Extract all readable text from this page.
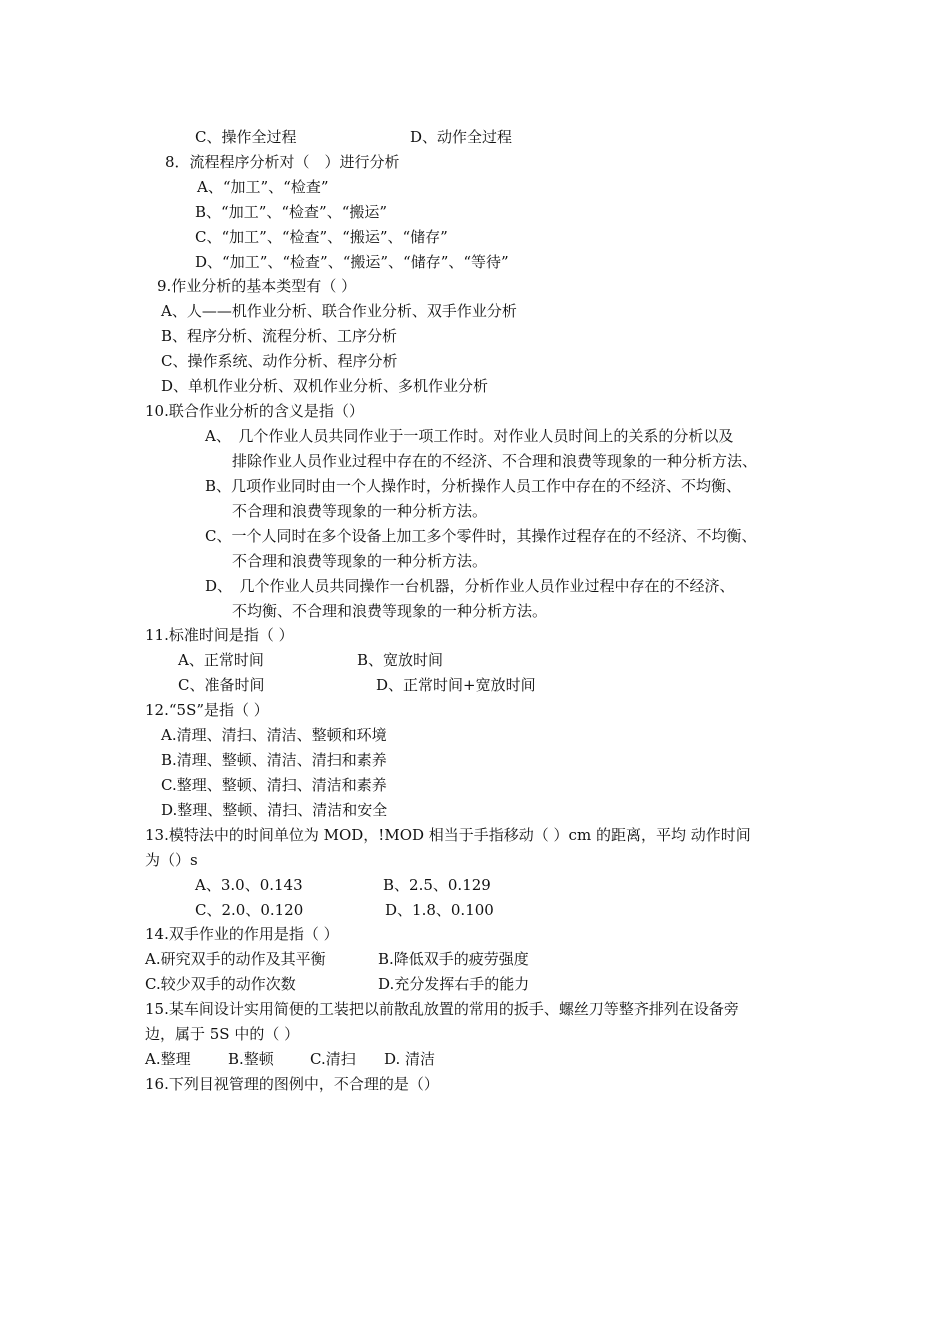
C、操作全过程	D、动作全过程
8．流程程序分析对（　）进行分析
A、“加工”、“检查”
B、“加工”、“检查”、“搬运”
C、“加工”、“检查”、“搬运”、“储存”
D、“加工”、“检查”、“搬运”、“储存”、“等待”
9.作业分析的基本类型有（ ）
A、人——机作业分析、联合作业分析、双手作业分析
B、程序分析、流程分析、工序分析
C、操作系统、动作分析、程序分析
D、单机作业分析、双机作业分析、多机作业分析
10.联合作业分析的含义是指（）
A、　几个作业人员共同作业于一项工作时。对作业人员时间上的关系的分析以及
排除作业人员作业过程中存在的不经济、不合理和浪费等现象的一种分析方法、
B、几项作业同时由一个人操作时，分析操作人员工作中存在的不经济、不均衡、
不合理和浪费等现象的一种分析方法。
C、一个人同时在多个设备上加工多个零件时，其操作过程存在的不经济、不均衡、
不合理和浪费等现象的一种分析方法。
D、　几个作业人员共同操作一台机器，分析作业人员作业过程中存在的不经济、
不均衡、不合理和浪费等现象的一种分析方法。
11.标准时间是指（ ）
A、正常时间	B、宽放时间
C、准备时间	D、正常时间+宽放时间
12.“5S”是指（ ）
A.清理、清扫、清洁、整顿和环境
B.清理、整顿、清洁、清扫和素养
C.整理、整顿、清扫、清洁和素养
D.整理、整顿、清扫、清洁和安全
13.模特法中的时间单位为 MOD，!MOD 相当于手指移动（ ）cm 的距离，平均 动作时间
为（）s
A、3.0、0.143	B、2.5、0.129
C、2.0、0.120	D、1.8、0.100
14.双手作业的作用是指（ ）
A.研究双手的动作及其平衡	B.降低双手的疲劳强度
C.较少双手的动作次数	D.充分发挥右手的能力
15.某车间设计实用简便的工装把以前散乱放置的常用的扳手、螺丝刀等整齐排列在设备旁
边，属于 5S 中的（ ）
A.整理 B.整顿 C.清扫 D. 清洁
16.下列目视管理的图例中，不合理的是（）
